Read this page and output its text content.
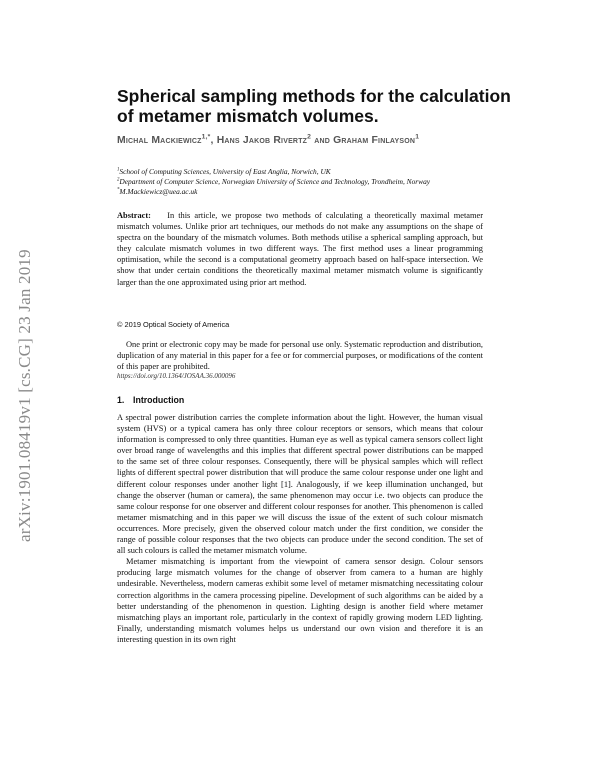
arXiv:1901.08419v1 [cs.CG] 23 Jan 2019
Spherical sampling methods for the calculation of metamer mismatch volumes.
Michal Mackiewicz$^{1,*}$, Hans Jakob Rivertz$^2$ and Graham Finlayson$^1$
$^1$School of Computing Sciences, University of East Anglia, Norwich, UK
$^2$Department of Computer Science, Norwegian University of Science and Technology, Trondheim, Norway
*M.Mackiewicz@uea.ac.uk
Abstract: In this article, we propose two methods of calculating a theoretically maximal metamer mismatch volumes. Unlike prior art techniques, our methods do not make any assumptions on the shape of spectra on the boundary of the mismatch volumes. Both methods utilise a spherical sampling approach, but they calculate mismatch volumes in two different ways. The first method uses a linear programming optimisation, while the second is a computational geometry approach based on half-space intersection. We show that under certain conditions the theoretically maximal metamer mismatch volume is significantly larger than the one approximated using prior art method.
© 2019 Optical Society of America
One print or electronic copy may be made for personal use only. Systematic reproduction and distribution, duplication of any material in this paper for a fee or for commercial purposes, or modifications of the content of this paper are prohibited.
https://doi.org/10.1364/JOSAA.36.000096
1. Introduction

A spectral power distribution carries the complete information about the light. However, the human visual system (HVS) or a typical camera has only three colour receptors or sensors, which means that colour information is compressed to only three quantities. Human eye as well as typical camera sensors collect light over broad range of wavelengths and this implies that different spectral power distributions can be mapped to the same set of three colour responses. Consequently, there will be physical samples which will reflect lights of different spectral power distribution that will produce the same colour response under one light and different colour responses under another light [1]. Analogously, if we keep illumination unchanged, but change the observer (human or camera), the same phenomenon may occur i.e. two objects can produce the same colour response for one observer and different colour responses for another. This phenomenon is called metamer mismatching and in this paper we will discuss the issue of the extent of such colour mismatch occurrences. More precisely, given the observed colour match under the first condition, we consider the range of possible colour responses that the two objects can produce under the second condition. The set of all such colours is called the metamer mismatch volume.

Metamer mismatching is important from the viewpoint of camera sensor design. Colour sensors producing large mismatch volumes for the change of observer from camera to a human are highly undesirable. Nevertheless, modern cameras exhibit some level of metamer mismatching necessitating colour correction algorithms in the camera processing pipeline. Development of such algorithms can be aided by a better understanding of the phenomenon in question. Lighting design is another field where metamer mismatching plays an important role, particularly in the context of rapidly growing modern LED lighting. Finally, understanding mismatch volumes helps us understand our own vision and therefore it is an interesting question in its own right
